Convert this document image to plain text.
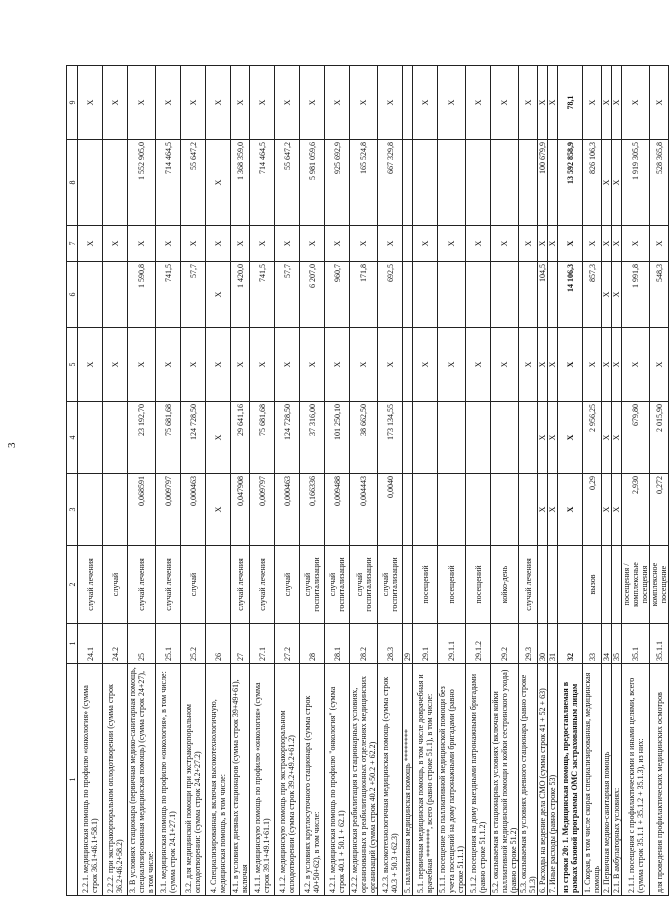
3
1	1	2	3	4	5	6	7	8	9
2.2.1. медицинская помощь по профилю «онкология» (сумма строк 36.1+46.1+58.1)	24.1	случай лечения			X		X		X
2.2.2. при экстракорпоральном оплодотворении (сумма строк 36.2+46.2+58.2)	24.2	случай			X		X		X
3. В условиях стационара (первичная медико-санитарная помощь, специализированная медицинская помощь) (сумма строк 24+27), в том числе:	25	случай лечения	0,068591	23 192,70	X	1 590,8	X	1 552 905,0	X
3.1. медицинская помощь по профилю «онкология», в том числе: (сумма строк 24.1+27.1)	25.1	случай лечения	0,009797	75 681,68	X	741,5	X	714 464,5	X
3.2. для медицинской помощи при экстракорпоральном оплодотворении: (сумма строк 24.2+27.2)	25.2	случай	0,000463	124 728,50	X	57,7	X	55 647,2	X
4. Специализированная, включая высокотехнологичную, медицинская помощь, в том числе:	26		X	X	X	X	X	X	X
4.1. в условиях дневных стационаров (сумма строк 39+49+61), включая	27	случай лечения	0,047908	29 641,16	X	1 420,0	X	1 368 359,0	X
4.1.1. медицинскую помощь по профилю «онкология» (сумма строк 39.1+49.1+61.1)	27.1	случай лечения	0,009797	75 681,68	X	741,5	X	714 464,5	X
4.1.2. медицинскую помощь при экстракорпоральном оплодотворении (сумма строк 39.2+49.2+61.2)	27.2	случай	0,000463	124 728,50	X	57,7	X	55 647,2	X
4.2. в условиях круглосуточного стационара (сумма строк 40+50+62), в том числе:	28	случай госпитализации	0,166336	37 316,00	X	6 207,0	X	5 981 059,6	X
4.2.1. медицинская помощь по профилю "онкология" (сумма строк 40.1 + 50.1 + 62.1)	28.1	случай госпитализации	0,009488	101 250,10	X	960,7	X	925 692,9	X
4.2.2. медицинская реабилитация в стационарных условиях, организованных в реабилитационных отделениях медицинских организаций (сумма строк 40.2 +50.2 + 62.2)	28.2	случай госпитализации	0,004443	38 662,50	X	171,8	X	165 524,8	X
4.2.3. высокотехнологичная медицинская помощь (сумма строк 40.3 + 50.3 +62.3)	28.3	случай госпитализации	0,0040	173 134,55	X	692,5	X	667 329,8	X
5. паллиативная медицинская помощь ********	29								
5.1. первичная медицинская помощь, в том числе доврачебная и врачебная *******, всего (равно строке 51.1), в том числе:	29.1	посещений			X		X		X
5.1.1. посещение по паллиативной медицинской помощи без учета посещений на дому патронажными бригадами (равно строке 51.1.1)	29.1.1	посещений			X		X		X
5.1.2. посещения на дому выездными патронажными бригадами (равно строке 51.1.2)	29.1.2	посещений			X		X		X
5.2. оказываемая в стационарных условиях (включая койки паллиативной медицинской помощи и койки сестринского ухода) (равно строке 51.2)	29.2	койко-день			X		X		X
5.3. оказываемая в условиях дневного стационара (равно строке 51.3)	29.3	случай лечения			X		X		X
6. Расходы на ведение дела СМО (сумма строк 41 + 52 + 63)	30		X	X	X	104,5	X	100 679,9	X
7. Иные расходы (равно строке 53)	31		X	X	X		X		X
из строки 20: 1. Медицинская помощь, предоставляемая в рамках базовой программы ОМС застрахованным лицам	32		X	X	X	14 106,3	X	13 592 858,9	78,1
1. Скорая, в том числе скорая специализированная, медицинская помощь	33	вызов	0,29	2 956,25	X	857,3	X	826 106,3	X
2. Первичная медико-санитарная помощь	34		X	X	X	X	X	X	X
2.1. В амбулаторных условиях:	35		X	X	X	X	X	X	X
2.1.1. посещения с профилактическими и иными целями, всего (сумма строк 35.1.1 + 35.1.2 + 35.1.3), из них:	35.1	посещения / комплексные посещения	2,930	679,80	X	1 991,8	X	1 919 305,5	X
для проведения профилактических медицинских осмотров	35.1.1	комплексное посещение	0,272	2 015,90	X	548,3	X	528 365,8	X
